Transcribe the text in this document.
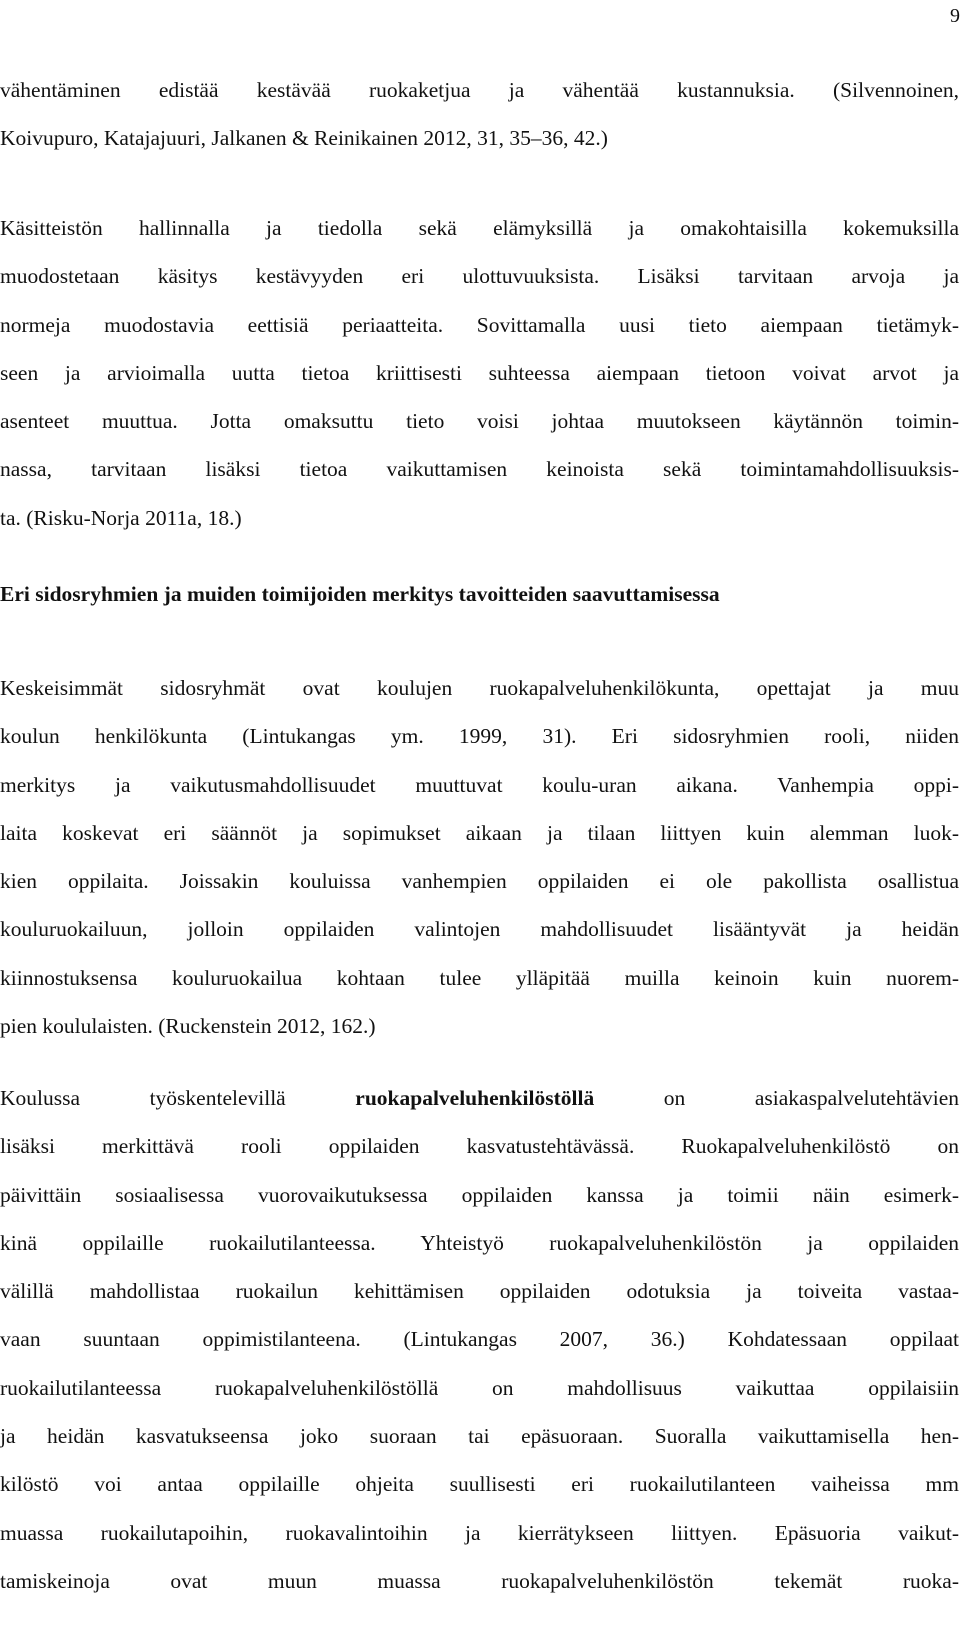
9
vähentäminen edistää kestävää ruokaketjua ja vähentää kustannuksia. (Silvennoinen,
Koivupuro, Katajajuuri, Jalkanen & Reinikainen 2012, 31, 35–36, 42.)
Käsitteistön hallinnalla ja tiedolla sekä elämyksillä ja omakohtaisilla kokemuksilla
muodostetaan käsitys kestävyyden eri ulottuvuuksista. Lisäksi tarvitaan arvoja ja
normeja muodostavia eettisiä periaatteita. Sovittamalla uusi tieto aiempaan tietämyk-
seen ja arvioimalla uutta tietoa kriittisesti suhteessa aiempaan tietoon voivat arvot ja
asenteet muuttua. Jotta omaksuttu tieto voisi johtaa muutokseen käytännön toimin-
nassa, tarvitaan lisäksi tietoa vaikuttamisen keinoista sekä toimintamahdollisuuksis-
ta. (Risku-Norja 2011a, 18.)
Eri sidosryhmien ja muiden toimijoiden merkitys tavoitteiden saavuttamisessa
Keskeisimmät sidosryhmät ovat koulujen ruokapalveluhenkilökunta, opettajat ja muu
koulun henkilökunta (Lintukangas ym. 1999, 31). Eri sidosryhmien rooli, niiden
merkitys ja vaikutusmahdollisuudet muuttuvat koulu-uran aikana. Vanhempia oppi-
laita koskevat eri säännöt ja sopimukset aikaan ja tilaan liittyen kuin alemman luok-
kien oppilaita. Joissakin kouluissa vanhempien oppilaiden ei ole pakollista osallistua
kouluruokailuun, jolloin oppilaiden valintojen mahdollisuudet lisääntyvät ja heidän
kiinnostuksensa kouluruokailua kohtaan tulee ylläpitää muilla keinoin kuin nuorem-
pien koululaisten. (Ruckenstein 2012, 162.)
Koulussa työskentelevillä	ruokapalveluhenkilöstöllä	on asiakaspalvelutehtävien
lisäksi merkittävä rooli oppilaiden kasvatustehtävässä. Ruokapalveluhenkilöstö on
päivittäin sosiaalisessa vuorovaikutuksessa oppilaiden kanssa ja toimii näin esimerk-
kinä oppilaille ruokailutilanteessa. Yhteistyö ruokapalveluhenkilöstön ja oppilaiden
välillä mahdollistaa ruokailun kehittämisen oppilaiden odotuksia ja toiveita vastaa-
vaan suuntaan oppimistilanteena. (Lintukangas 2007, 36.) Kohdatessaan oppilaat
ruokailutilanteessa ruokapalveluhenkilöstöllä on mahdollisuus vaikuttaa oppilaisiin
ja heidän kasvatukseensa joko suoraan tai epäsuoraan. Suoralla vaikuttamisella hen-
kilöstö voi antaa oppilaille ohjeita suullisesti eri ruokailutilanteen vaiheissa mm
muassa ruokailutapoihin, ruokavalintoihin ja kierrätykseen liittyen. Epäsuoria vaikut-
tamiskeinoja ovat muun muassa ruokapalveluhenkilöstön tekemät ruoka-
